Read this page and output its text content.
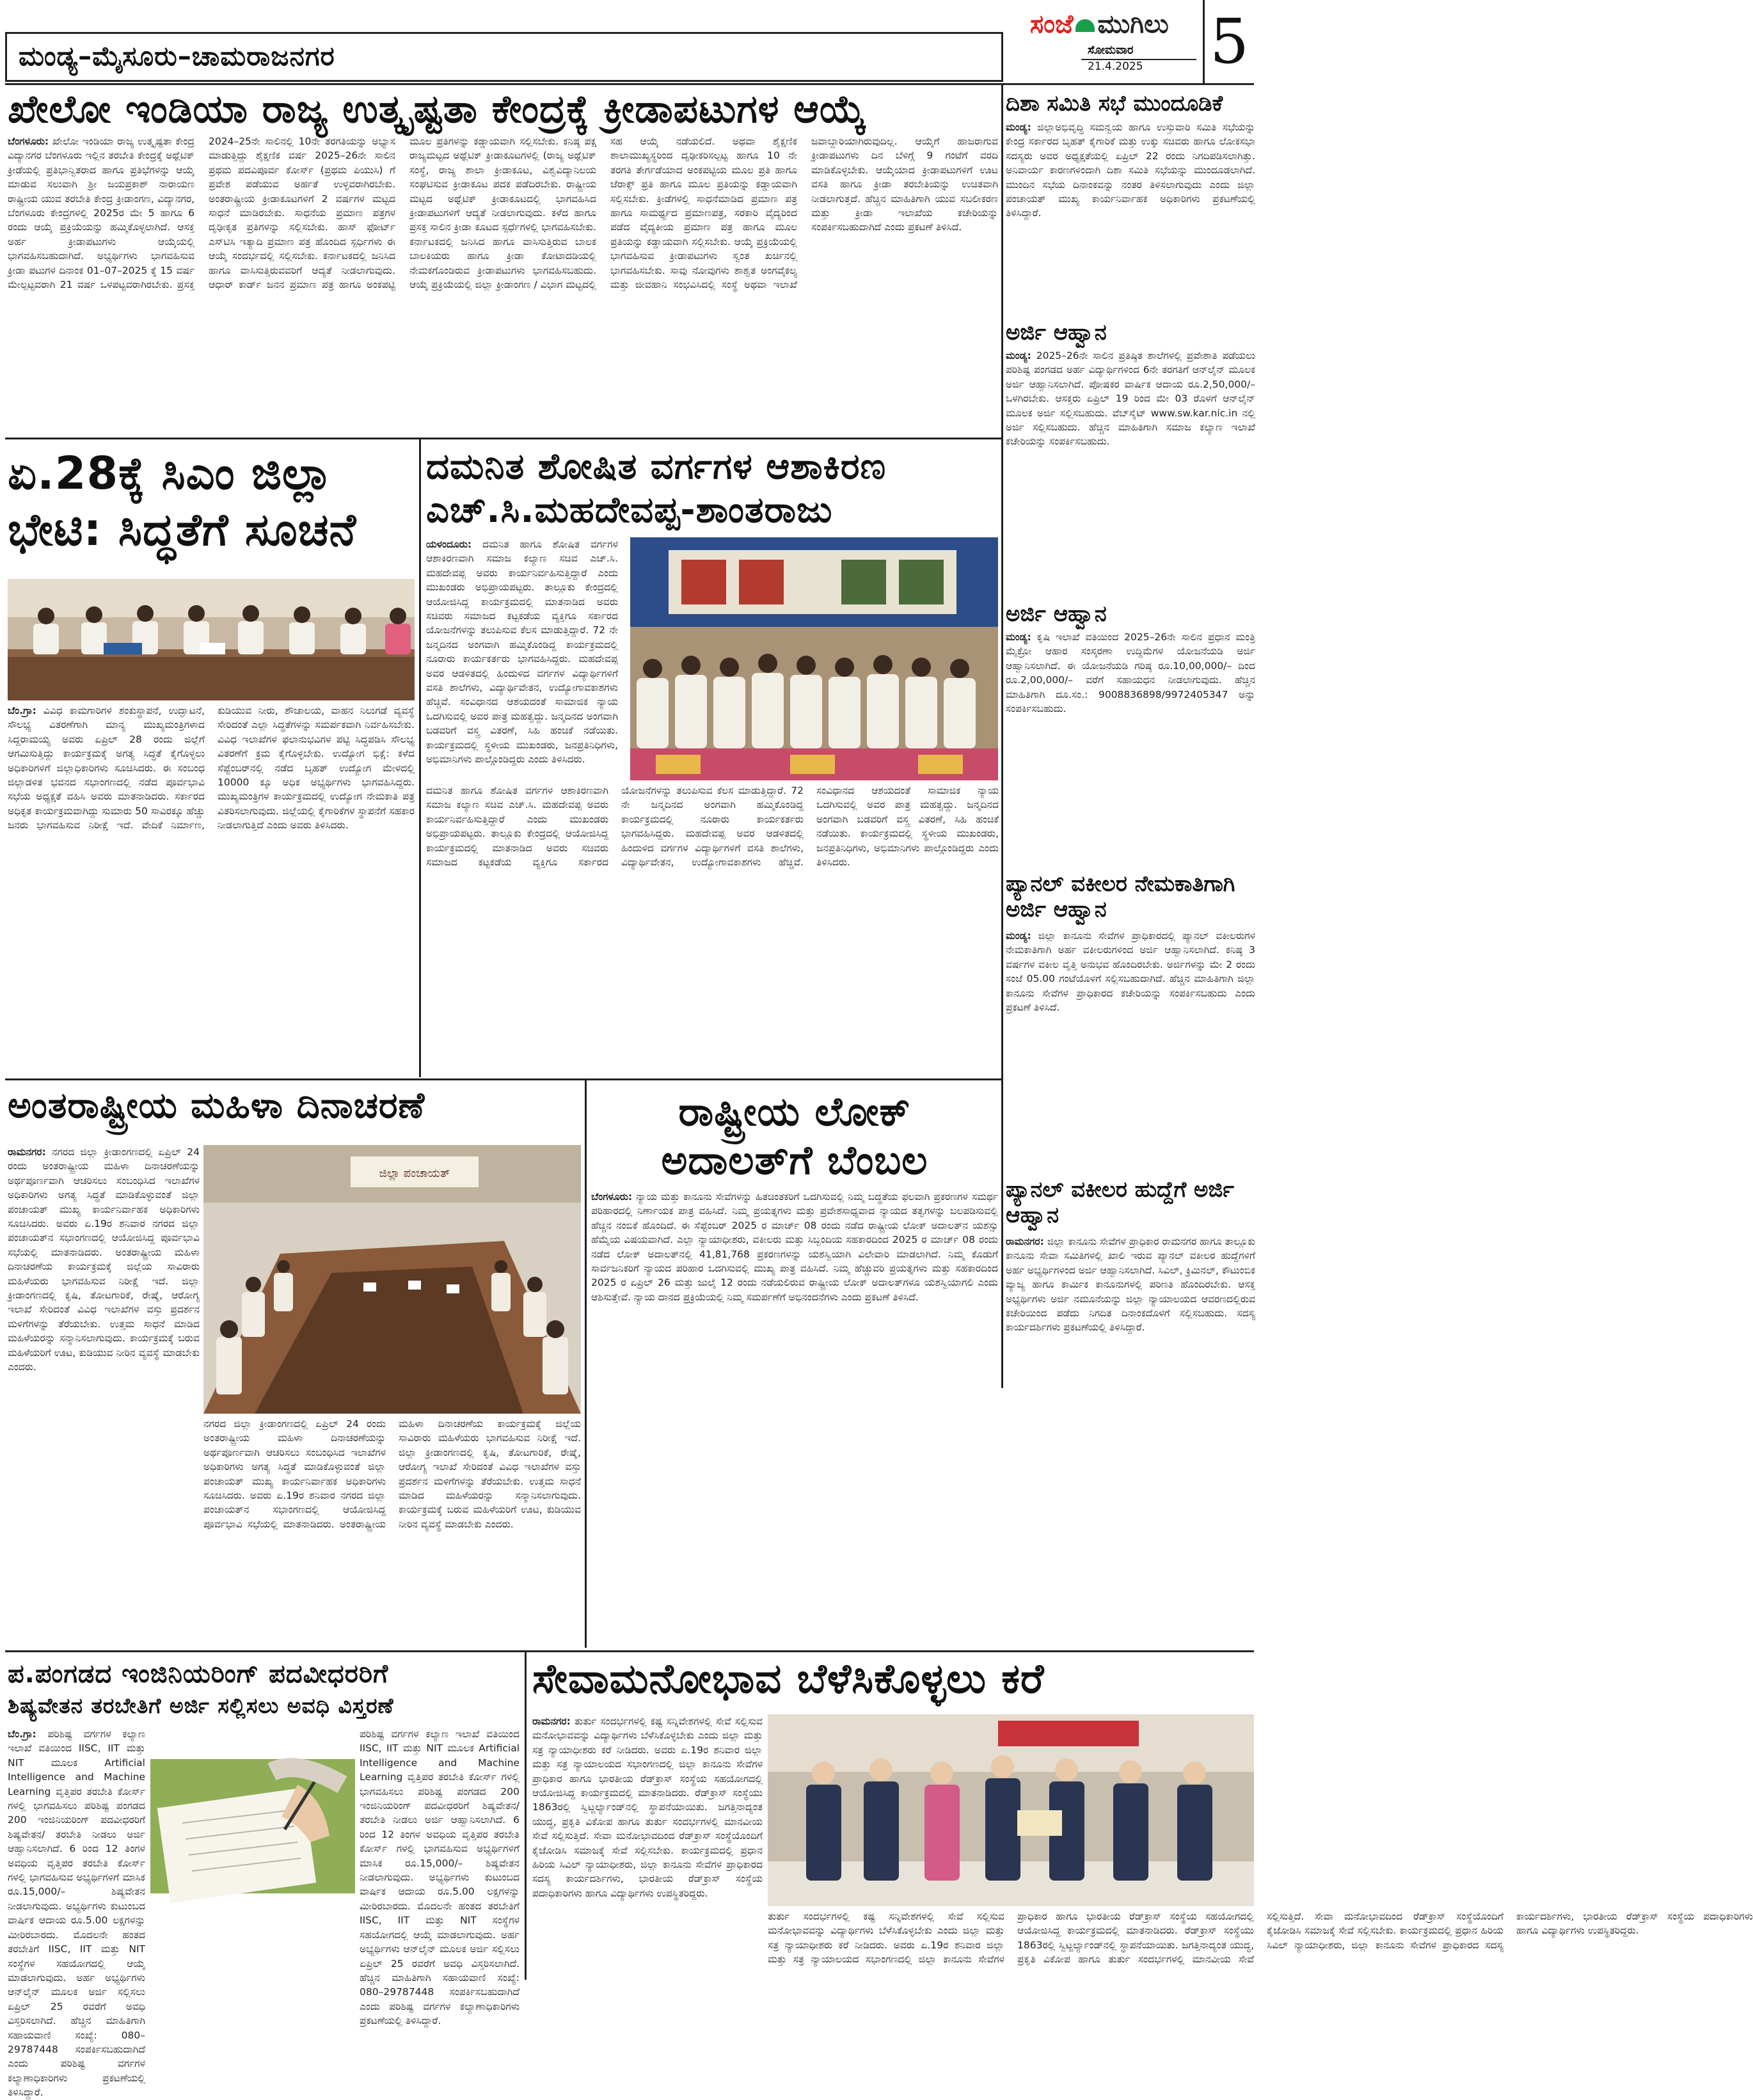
ಮಂಡ್ಯ–ಮೈಸೂರು–ಚಾಮರಾಜನಗರ
ಸಂಜೆ ಮುಗಿಲು
ಸೋಮವಾರ
21.4.2025 5
ಖೇಲೋ ಇಂಡಿಯಾ ರಾಜ್ಯ ಉತ್ಕೃಷ್ಟತಾ ಕೇಂದ್ರಕ್ಕೆ ಕ್ರೀಡಾಪಟುಗಳ ಆಯ್ಕೆ
ಬೆಂಗಳೂರು: ಖೇಲೋ ಇಂಡಿಯಾ ರಾಜ್ಯ ಉತ್ಕೃಷ್ಟತಾ ಕೇಂದ್ರ ವಿದ್ಯಾನಗರ ಬೆಂಗಳೂರು ಇಲ್ಲಿನ ತರಬೇತಿ ಕೇಂದ್ರಕ್ಕೆ ಅಥ್ಲೆಟಿಕ್ ಕ್ರೀಡೆಯಲ್ಲಿ ಪ್ರತಿಭಾನ್ವಿತರಾದ ಹಾಗೂ ಪ್ರತಿಭೆಗಳನ್ನು ಆಯ್ಕೆ ಮಾಡುವ ಸಲುವಾಗಿ ಶ್ರೀ ಜಯಪ್ರಕಾಶ್ ನಾರಾಯಣ ರಾಷ್ಟ್ರೀಯ ಯುವ ತರಬೇತಿ ಕೇಂದ್ರ ಕ್ರೀಡಾಂಗಣ, ವಿದ್ಯಾನಗರ, ಬೆಂಗಳೂರು ಕೇಂದ್ರಗಳಲ್ಲಿ 2025ರ ಮೇ 5 ಹಾಗೂ 6 ರಂದು ಆಯ್ಕೆ ಪ್ರಕ್ರಿಯೆಯನ್ನು ಹಮ್ಮಿಕೊಳ್ಳಲಾಗಿದೆ. ಆಸಕ್ತ ಅರ್ಹ ಕ್ರೀಡಾಪಟುಗಳು ಆಯ್ಕೆಯಲ್ಲಿ ಭಾಗವಹಿಸಬಹುದಾಗಿದೆ. ಅಭ್ಯರ್ಥಿಗಳು ಭಾಗವಹಿಸುವ ಕ್ರೀಡಾ ಪಟುಗಳ ದಿನಾಂಕ 01–07–2025 ಕ್ಕೆ 15 ವರ್ಷ ಮೇಲ್ಪಟ್ಟವರಾಗಿ 21 ವರ್ಷ ಒಳಪಟ್ಟವರಾಗಿರಬೇಕು. ಪ್ರಸಕ್ತ 2024–25ನೇ ಸಾಲಿನಲ್ಲಿ 10ನೇ ತರಗತಿಯನ್ನು ಅಭ್ಯಾಸ ಮಾಡುತ್ತಿದ್ದು ಶೈಕ್ಷಣಿಕ ವರ್ಷ 2025–26ನೇ ಸಾಲಿನ ಪ್ರಥಮ ಪದವಿಪೂರ್ವ ಕೋರ್ಸ್ (ಪ್ರಥಮ ಪಿಯುಸಿ) ಗೆ ಪ್ರವೇಶ ಪಡೆಯುವ ಅರ್ಹತೆ ಉಳ್ಳವರಾಗಿರಬೇಕು. ಅಂತರಾಷ್ಟ್ರೀಯ ಕ್ರೀಡಾಕೂಟಗಳಿಗೆ 2 ವರ್ಷಗಳ ಮಟ್ಟದ ಸಾಧನೆ ಮಾಡಿರಬೇಕು. ಸಾಧನೆಯ ಪ್ರಮಾಣ ಪತ್ರಗಳ ದೃಢೀಕೃತ ಪ್ರತಿಗಳನ್ನು ಸಲ್ಲಿಸಬೇಕು. ಹಾಸ್ ಫೋರ್ಟ್ ಎಸ್‌ಟಿಸಿ ಇತ್ಯಾದಿ ಪ್ರಮಾಣ ಪತ್ರ ಹೊಂದಿದ ಸ್ಪರ್ಧಿಗಳು ಈ ಆಯ್ಕೆ ಸಂದರ್ಭದಲ್ಲಿ ಸಲ್ಲಿಸಬೇಕು. ಕರ್ನಾಟಕದಲ್ಲಿ ಜನಿಸಿದ ಹಾಗೂ ವಾಸಿಸುತ್ತಿರುವವರಿಗೆ ಆದ್ಯತೆ ನೀಡಲಾಗುವುದು. ಆಧಾರ್ ಕಾರ್ಡ್ ಜನನ ಪ್ರಮಾಣ ಪತ್ರ ಹಾಗೂ ಅಂಕಪಟ್ಟಿ ಮೂಲ ಪ್ರತಿಗಳನ್ನು ಕಡ್ಡಾಯವಾಗಿ ಸಲ್ಲಿಸಬೇಕು. ಕನಿಷ್ಠ ಪಕ್ಷ ರಾಜ್ಯಮಟ್ಟದ ಅಥ್ಲೆಟಿಕ್ ಕ್ರೀಡಾಕೂಟಗಳಲ್ಲಿ (ರಾಜ್ಯ ಅಥ್ಲೆಟಿಕ್ ಸಂಸ್ಥೆ, ರಾಜ್ಯ ಶಾಲಾ ಕ್ರೀಡಾಕೂಟ, ವಿಶ್ವವಿದ್ಯಾನಿಲಯ ಸಂಘಟಿಸುವ ಕ್ರೀಡಾಕೂಟ ಪದಕ ಪಡೆದಿರಬೇಕು. ರಾಷ್ಟ್ರೀಯ ಮಟ್ಟದ ಅಥ್ಲೆಟಿಕ್ ಕ್ರೀಡಾಕೂಟದಲ್ಲಿ ಭಾಗವಹಿಸಿದ ಕ್ರೀಡಾಪಟುಗಳಿಗೆ ಆದ್ಯತೆ ನೀಡಲಾಗುವುದು. ಕಳೆದ ಹಾಗೂ ಪ್ರಸಕ್ತ ಸಾಲಿನ ಕ್ರೀಡಾ ಕೂಟದ ಸ್ಪರ್ಧೆಗಳಲ್ಲಿ ಭಾಗವಹಿಸಬೇಕು. ಕರ್ನಾಟಕದಲ್ಲಿ ಜನಿಸಿದ ಹಾಗೂ ವಾಸಿಸುತ್ತಿರುವ ಬಾಲಕ ಬಾಲಕಿಯರು ಹಾಗೂ ಕ್ರೀಡಾ ಕೋಟಾದಡಿಯಲ್ಲಿ ನೇಮಕಗೊಂಡಿರುವ ಕ್ರೀಡಾಪಟುಗಳು ಭಾಗವಹಿಸಬಹುದು. ಆಯ್ಕೆ ಪ್ರಕ್ರಿಯೆಯಲ್ಲಿ ಜಿಲ್ಲಾ ಕ್ರೀಡಾಂಗಣ / ವಿಭಾಗ ಮಟ್ಟದಲ್ಲಿ ಸಹ ಆಯ್ಕೆ ನಡೆಯಲಿದೆ. ಅಥವಾ ಶೈಕ್ಷಣಿಕ ಶಾಲಾಮುಖ್ಯಸ್ಥರಿಂದ ದೃಢೀಕರಿಸಲ್ಪಟ್ಟ ಹಾಗೂ 10 ನೇ ತರಗತಿ ತೇರ್ಗಡೆಯಾದ ಅಂಕಪಟ್ಟಿಯ ಮೂಲ ಪ್ರತಿ ಹಾಗೂ ಜೆರಾಕ್ಸ್ ಪ್ರತಿ ಹಾಗೂ ಮೂಲ ಪ್ರತಿಯನ್ನು ಕಡ್ಡಾಯವಾಗಿ ಸಲ್ಲಿಸಬೇಕು. ಕ್ರೀಡೆಗಳಲ್ಲಿ ಸಾಧನೆಮಾಡಿದ ಪ್ರಮಾಣ ಪತ್ರ ಹಾಗೂ ಸಾಮರ್ಥ್ಯದ ಪ್ರಮಾಣಪತ್ರ, ಸರಕಾರಿ ವೈದ್ಯರಿಂದ ಪಡೆದ ವೈದ್ಯಕೀಯ ಪ್ರಮಾಣ ಪತ್ರ ಹಾಗೂ ಮೂಲ ಪ್ರತಿಯನ್ನು ಕಡ್ಡಾಯವಾಗಿ ಸಲ್ಲಿಸಬೇಕು. ಆಯ್ಕೆ ಪ್ರಕ್ರಿಯೆಯಲ್ಲಿ ಭಾಗವಹಿಸುವ ಕ್ರೀಡಾಪಟುಗಳು ಸ್ವಂತ ಖರ್ಚಿನಲ್ಲಿ ಭಾಗವಹಿಸಬೇಕು. ಸಾವು ನೋವುಗಳು ಶಾಶ್ವತ ಅಂಗವೈಕಲ್ಯ ಮತ್ತು ಜೀವಹಾನಿ ಸಂಭವಿಸಿದಲ್ಲಿ ಸಂಸ್ಥೆ ಅಥವಾ ಇಲಾಖೆ ಜವಾಬ್ದಾರಿಯಾಗಿರುವುದಿಲ್ಲ. ಆಯ್ಕೆಗೆ ಹಾಜರಾಗುವ ಕ್ರೀಡಾಪಟುಗಳು ದಿನ ಬೆಳಿಗ್ಗೆ 9 ಗಂಟೆಗೆ ವರದಿ ಮಾಡಿಕೊಳ್ಳಬೇಕು. ಆಯ್ಕೆಯಾದ ಕ್ರೀಡಾಪಟುಗಳಿಗೆ ಊಟ ವಸತಿ ಹಾಗೂ ಕ್ರೀಡಾ ತರಬೇತಿಯನ್ನು ಉಚಿತವಾಗಿ ನೀಡಲಾಗುತ್ತದೆ. ಹೆಚ್ಚಿನ ಮಾಹಿತಿಗಾಗಿ ಯುವ ಸಬಲೀಕರಣ ಮತ್ತು ಕ್ರೀಡಾ ಇಲಾಖೆಯ ಕಚೇರಿಯನ್ನು ಸಂಪರ್ಕಿಸಬಹುದಾಗಿದೆ ಎಂದು ಪ್ರಕಟಣೆ ತಿಳಿಸಿದೆ.
ದಿಶಾ ಸಮಿತಿ ಸಭೆ ಮುಂದೂಡಿಕೆ
ಮಂಡ್ಯ: ಜಿಲ್ಲಾಅಭಿವೃದ್ಧಿ ಸಮನ್ವಯ ಹಾಗೂ ಉಸ್ತುವಾರಿ ಸಮಿತಿ ಸಭೆಯನ್ನು ಕೇಂದ್ರ ಸರ್ಕಾರದ ಬೃಹತ್ ಕೈಗಾರಿಕೆ ಮತ್ತು ಉಕ್ಕು ಸಚಿವರು ಹಾಗೂ ಲೋಕಸಭಾ ಸದಸ್ಯರು ಅವರ ಅಧ್ಯಕ್ಷತೆಯಲ್ಲಿ ಏಪ್ರಿಲ್ 22 ರಂದು ನಿಗದಿಪಡಿಸಲಾಗಿತ್ತು. ಅನಿವಾರ್ಯ ಕಾರಣಗಳಿಂದಾಗಿ ದಿಶಾ ಸಮಿತಿ ಸಭೆಯನ್ನು ಮುಂದೂಡಲಾಗಿದೆ. ಮುಂದಿನ ಸಭೆಯ ದಿನಾಂಕವನ್ನು ನಂತರ ತಿಳಿಸಲಾಗುವುದು ಎಂದು ಜಿಲ್ಲಾ ಪಂಚಾಯತ್ ಮುಖ್ಯ ಕಾರ್ಯನಿರ್ವಾಹಕ ಅಧಿಕಾರಿಗಳು ಪ್ರಕಟಣೆಯಲ್ಲಿ ತಿಳಿಸಿದ್ದಾರೆ.
ಅರ್ಜಿ ಆಹ್ವಾನ
ಮಂಡ್ಯ: 2025–26ನೇ ಸಾಲಿನ ಪ್ರತಿಷ್ಠಿತ ಶಾಲೆಗಳಲ್ಲಿ ಪ್ರವೇಶಾತಿ ಪಡೆಯಲು ಪರಿಶಿಷ್ಟ ಪಂಗಡದ ಅರ್ಹ ವಿದ್ಯಾರ್ಥಿಗಳಿಂದ 6ನೇ ತರಗತಿಗೆ ಆನ್‌ಲೈನ್ ಮೂಲಕ ಅರ್ಜಿ ಆಹ್ವಾನಿಸಲಾಗಿದೆ. ಪೋಷಕರ ವಾರ್ಷಿಕ ಆದಾಯ ರೂ.2,50,000/– ಒಳಗಿರಬೇಕು. ಆಸಕ್ತರು ಏಪ್ರಿಲ್ 19 ರಿಂದ ಮೇ 03 ರೊಳಗೆ ಆನ್‌ಲೈನ್ ಮೂಲಕ ಅರ್ಜಿ ಸಲ್ಲಿಸಬಹುದು. ವೆಬ್‌ಸೈಟ್ www.sw.kar.nic.in ನಲ್ಲಿ ಅರ್ಜಿ ಸಲ್ಲಿಸಬಹುದು. ಹೆಚ್ಚಿನ ಮಾಹಿತಿಗಾಗಿ ಸಮಾಜ ಕಲ್ಯಾಣ ಇಲಾಖೆ ಕಚೇರಿಯನ್ನು ಸಂಪರ್ಕಿಸಬಹುದು.
ಅರ್ಜಿ ಆಹ್ವಾನ
ಮಂಡ್ಯ: ಕೃಷಿ ಇಲಾಖೆ ವತಿಯಿಂದ 2025–26ನೇ ಸಾಲಿನ ಪ್ರಧಾನ ಮಂತ್ರಿ ಮೈಕ್ರೋ ಆಹಾರ ಸಂಸ್ಕರಣಾ ಉದ್ದಿಮೆಗಳ ಯೋಜನೆಯಡಿ ಅರ್ಜಿ ಆಹ್ವಾನಿಸಲಾಗಿದೆ. ಈ ಯೋಜನೆಯಡಿ ಗರಿಷ್ಠ ರೂ.10,00,000/– ದಿಂದ ರೂ.2,00,000/– ವರೆಗೆ ಸಹಾಯಧನ ನೀಡಲಾಗುವುದು. ಹೆಚ್ಚಿನ ಮಾಹಿತಿಗಾಗಿ ದೂ.ಸಂ.: 9008836898/9972405347 ಅನ್ನು ಸಂಪರ್ಕಿಸಬಹುದು.
ಪ್ಯಾನಲ್ ವಕೀಲರ ನೇಮಕಾತಿಗಾಗಿ ಅರ್ಜಿ ಆಹ್ವಾನ
ಮಂಡ್ಯ: ಜಿಲ್ಲಾ ಕಾನೂನು ಸೇವೆಗಳ ಪ್ರಾಧಿಕಾರದಲ್ಲಿ ಪ್ಯಾನಲ್ ವಕೀಲರುಗಳ ನೇಮಕಾತಿಗಾಗಿ ಅರ್ಹ ವಕೀಲರುಗಳಿಂದ ಅರ್ಜಿ ಆಹ್ವಾನಿಸಲಾಗಿದೆ. ಕನಿಷ್ಠ 3 ವರ್ಷಗಳ ವಕೀಲ ವೃತ್ತಿ ಅನುಭವ ಹೊಂದಿರಬೇಕು. ಅರ್ಜಿಗಳನ್ನು ಮೇ 2 ರಂದು ಸಂಜೆ 05.00 ಗಂಟೆಯೊಳಗೆ ಸಲ್ಲಿಸಬಹುದಾಗಿದೆ. ಹೆಚ್ಚಿನ ಮಾಹಿತಿಗಾಗಿ ಜಿಲ್ಲಾ ಕಾನೂನು ಸೇವೆಗಳ ಪ್ರಾಧಿಕಾರದ ಕಚೇರಿಯನ್ನು ಸಂಪರ್ಕಿಸಬಹುದು ಎಂದು ಪ್ರಕಟಣೆ ತಿಳಿಸಿದೆ.
ಪ್ಯಾನಲ್ ವಕೀಲರ ಹುದ್ದೆಗೆ ಅರ್ಜಿ ಆಹ್ವಾನ
ರಾಮನಗರ: ಜಿಲ್ಲಾ ಕಾನೂನು ಸೇವೆಗಳ ಪ್ರಾಧಿಕಾರ ರಾಮನಗರ ಹಾಗೂ ತಾಲ್ಲೂಕು ಕಾನೂನು ಸೇವಾ ಸಮಿತಿಗಳಲ್ಲಿ ಖಾಲಿ ಇರುವ ಪ್ಯಾನಲ್ ವಕೀಲರ ಹುದ್ದೆಗಳಿಗೆ ಅರ್ಹ ಅಭ್ಯರ್ಥಿಗಳಿಂದ ಅರ್ಜಿ ಆಹ್ವಾನಿಸಲಾಗಿದೆ. ಸಿವಿಲ್, ಕ್ರಿಮಿನಲ್, ಕೌಟುಂಬಿಕ ವ್ಯಾಜ್ಯ ಹಾಗೂ ಕಾರ್ಮಿಕ ಕಾನೂನುಗಳಲ್ಲಿ ಪರಿಣತಿ ಹೊಂದಿರಬೇಕು. ಆಸಕ್ತ ಅಭ್ಯರ್ಥಿಗಳು ಅರ್ಜಿ ನಮೂನೆಯನ್ನು ಜಿಲ್ಲಾ ನ್ಯಾಯಾಲಯದ ಆವರಣದಲ್ಲಿರುವ ಕಚೇರಿಯಿಂದ ಪಡೆದು ನಿಗದಿತ ದಿನಾಂಕದೊಳಗೆ ಸಲ್ಲಿಸಬಹುದು. ಸದಸ್ಯ ಕಾರ್ಯದರ್ಶಿಗಳು ಪ್ರಕಟಣೆಯಲ್ಲಿ ತಿಳಿಸಿದ್ದಾರೆ.
ಏ.28ಕ್ಕೆ ಸಿಎಂ ಜಿಲ್ಲಾ
ಭೇಟಿ: ಸಿದ್ಧತೆಗೆ ಸೂಚನೆ
ಬೆಂ.ಗ್ರಾ: ವಿವಿಧ ಕಾಮಗಾರಿಗಳ ಶಂಕುಸ್ಥಾಪನೆ, ಉದ್ಘಾಟನೆ, ಸೌಲಭ್ಯ ವಿತರಣೆಗಾಗಿ ಮಾನ್ಯ ಮುಖ್ಯಮಂತ್ರಿಗಳಾದ ಸಿದ್ದರಾಮಯ್ಯ ಅವರು ಏಪ್ರಿಲ್ 28 ರಂದು ಜಿಲ್ಲೆಗೆ ಆಗಮಿಸುತ್ತಿದ್ದು ಕಾರ್ಯಕ್ರಮಕ್ಕೆ ಅಗತ್ಯ ಸಿದ್ಧತೆ ಕೈಗೊಳ್ಳಲು ಅಧಿಕಾರಿಗಳಿಗೆ ಜಿಲ್ಲಾಧಿಕಾರಿಗಳು ಸೂಚಿಸಿದರು. ಈ ಸಂಬಂಧ ಜಿಲ್ಲಾಡಳಿತ ಭವನದ ಸಭಾಂಗಣದಲ್ಲಿ ನಡೆದ ಪೂರ್ವಭಾವಿ ಸಭೆಯ ಅಧ್ಯಕ್ಷತೆ ವಹಿಸಿ ಅವರು ಮಾತನಾಡಿದರು. ಸರ್ಕಾರದ ಅಧಿಕೃತ ಕಾರ್ಯಕ್ರಮವಾಗಿದ್ದು ಸುಮಾರು 50 ಸಾವಿರಕ್ಕೂ ಹೆಚ್ಚು ಜನರು ಭಾಗವಹಿಸುವ ನಿರೀಕ್ಷೆ ಇದೆ. ವೇದಿಕೆ ನಿರ್ಮಾಣ, ಕುಡಿಯುವ ನೀರು, ಶೌಚಾಲಯ, ವಾಹನ ನಿಲುಗಡೆ ವ್ಯವಸ್ಥೆ ಸೇರಿದಂತೆ ಎಲ್ಲಾ ಸಿದ್ಧತೆಗಳನ್ನು ಸಮರ್ಪಕವಾಗಿ ನಿರ್ವಹಿಸಬೇಕು. ವಿವಿಧ ಇಲಾಖೆಗಳ ಫಲಾನುಭವಿಗಳ ಪಟ್ಟಿ ಸಿದ್ಧಪಡಿಸಿ ಸೌಲಭ್ಯ ವಿತರಣೆಗೆ ಕ್ರಮ ಕೈಗೊಳ್ಳಬೇಕು. ಉದ್ಯೋಗ ಭಿಕ್ಷೆ: ಕಳೆದ ಸೆಪ್ಟೆಂಬರ್‌ನಲ್ಲಿ ನಡೆದ ಬೃಹತ್ ಉದ್ಯೋಗ ಮೇಳದಲ್ಲಿ 10000 ಕ್ಕೂ ಅಧಿಕ ಅಭ್ಯರ್ಥಿಗಳು ಭಾಗವಹಿಸಿದ್ದರು. ಮುಖ್ಯಮಂತ್ರಿಗಳ ಕಾರ್ಯಕ್ರಮದಲ್ಲಿ ಉದ್ಯೋಗ ನೇಮಕಾತಿ ಪತ್ರ ವಿತರಿಸಲಾಗುವುದು. ಜಿಲ್ಲೆಯಲ್ಲಿ ಕೈಗಾರಿಕೆಗಳ ಸ್ಥಾಪನೆಗೆ ಸಹಕಾರ ನೀಡಲಾಗುತ್ತಿದೆ ಎಂದು ಅವರು ತಿಳಿಸಿದರು.
ದಮನಿತ ಶೋಷಿತ ವರ್ಗಗಳ ಆಶಾಕಿರಣ
ಎಚ್.ಸಿ.ಮಹದೇವಪ್ಪ-ಶಾಂತರಾಜು
ಯಳಂದೂರು: ದಮನಿತ ಹಾಗೂ ಶೋಷಿತ ವರ್ಗಗಳ ಆಶಾಕಿರಣವಾಗಿ ಸಮಾಜ ಕಲ್ಯಾಣ ಸಚಿವ ಎಚ್.ಸಿ. ಮಹದೇವಪ್ಪ ಅವರು ಕಾರ್ಯನಿರ್ವಹಿಸುತ್ತಿದ್ದಾರೆ ಎಂದು ಮುಖಂಡರು ಅಭಿಪ್ರಾಯಪಟ್ಟರು. ತಾಲ್ಲೂಕು ಕೇಂದ್ರದಲ್ಲಿ ಆಯೋಜಿಸಿದ್ದ ಕಾರ್ಯಕ್ರಮದಲ್ಲಿ ಮಾತನಾಡಿದ ಅವರು ಸಚಿವರು ಸಮಾಜದ ಕಟ್ಟಕಡೆಯ ವ್ಯಕ್ತಿಗೂ ಸರ್ಕಾರದ ಯೋಜನೆಗಳನ್ನು ತಲುಪಿಸುವ ಕೆಲಸ ಮಾಡುತ್ತಿದ್ದಾರೆ. 72 ನೇ ಜನ್ಮದಿನದ ಅಂಗವಾಗಿ ಹಮ್ಮಿಕೊಂಡಿದ್ದ ಕಾರ್ಯಕ್ರಮದಲ್ಲಿ ನೂರಾರು ಕಾರ್ಯಕರ್ತರು ಭಾಗವಹಿಸಿದ್ದರು. ಮಹದೇವಪ್ಪ ಅವರ ಆಡಳಿತದಲ್ಲಿ ಹಿಂದುಳಿದ ವರ್ಗಗಳ ವಿದ್ಯಾರ್ಥಿಗಳಿಗೆ ವಸತಿ ಶಾಲೆಗಳು, ವಿದ್ಯಾರ್ಥಿವೇತನ, ಉದ್ಯೋಗಾವಕಾಶಗಳು ಹೆಚ್ಚಿವೆ. ಸಂವಿಧಾನದ ಆಶಯದಂತೆ ಸಾಮಾಜಿಕ ನ್ಯಾಯ ಒದಗಿಸುವಲ್ಲಿ ಅವರ ಪಾತ್ರ ಮಹತ್ವದ್ದು. ಜನ್ಮದಿನದ ಅಂಗವಾಗಿ ಬಡವರಿಗೆ ವಸ್ತ್ರ ವಿತರಣೆ, ಸಿಹಿ ಹಂಚಿಕೆ ನಡೆಯಿತು. ಕಾರ್ಯಕ್ರಮದಲ್ಲಿ ಸ್ಥಳೀಯ ಮುಖಂಡರು, ಜನಪ್ರತಿನಿಧಿಗಳು, ಅಭಿಮಾನಿಗಳು ಪಾಲ್ಗೊಂಡಿದ್ದರು ಎಂದು ತಿಳಿಸಿದರು.
ದಮನಿತ ಹಾಗೂ ಶೋಷಿತ ವರ್ಗಗಳ ಆಶಾಕಿರಣವಾಗಿ ಸಮಾಜ ಕಲ್ಯಾಣ ಸಚಿವ ಎಚ್.ಸಿ. ಮಹದೇವಪ್ಪ ಅವರು ಕಾರ್ಯನಿರ್ವಹಿಸುತ್ತಿದ್ದಾರೆ ಎಂದು ಮುಖಂಡರು ಅಭಿಪ್ರಾಯಪಟ್ಟರು. ತಾಲ್ಲೂಕು ಕೇಂದ್ರದಲ್ಲಿ ಆಯೋಜಿಸಿದ್ದ ಕಾರ್ಯಕ್ರಮದಲ್ಲಿ ಮಾತನಾಡಿದ ಅವರು ಸಚಿವರು ಸಮಾಜದ ಕಟ್ಟಕಡೆಯ ವ್ಯಕ್ತಿಗೂ ಸರ್ಕಾರದ ಯೋಜನೆಗಳನ್ನು ತಲುಪಿಸುವ ಕೆಲಸ ಮಾಡುತ್ತಿದ್ದಾರೆ. 72 ನೇ ಜನ್ಮದಿನದ ಅಂಗವಾಗಿ ಹಮ್ಮಿಕೊಂಡಿದ್ದ ಕಾರ್ಯಕ್ರಮದಲ್ಲಿ ನೂರಾರು ಕಾರ್ಯಕರ್ತರು ಭಾಗವಹಿಸಿದ್ದರು. ಮಹದೇವಪ್ಪ ಅವರ ಆಡಳಿತದಲ್ಲಿ ಹಿಂದುಳಿದ ವರ್ಗಗಳ ವಿದ್ಯಾರ್ಥಿಗಳಿಗೆ ವಸತಿ ಶಾಲೆಗಳು, ವಿದ್ಯಾರ್ಥಿವೇತನ, ಉದ್ಯೋಗಾವಕಾಶಗಳು ಹೆಚ್ಚಿವೆ. ಸಂವಿಧಾನದ ಆಶಯದಂತೆ ಸಾಮಾಜಿಕ ನ್ಯಾಯ ಒದಗಿಸುವಲ್ಲಿ ಅವರ ಪಾತ್ರ ಮಹತ್ವದ್ದು. ಜನ್ಮದಿನದ ಅಂಗವಾಗಿ ಬಡವರಿಗೆ ವಸ್ತ್ರ ವಿತರಣೆ, ಸಿಹಿ ಹಂಚಿಕೆ ನಡೆಯಿತು. ಕಾರ್ಯಕ್ರಮದಲ್ಲಿ ಸ್ಥಳೀಯ ಮುಖಂಡರು, ಜನಪ್ರತಿನಿಧಿಗಳು, ಅಭಿಮಾನಿಗಳು ಪಾಲ್ಗೊಂಡಿದ್ದರು ಎಂದು ತಿಳಿಸಿದರು.
ಅಂತರಾಷ್ಟ್ರೀಯ ಮಹಿಳಾ ದಿನಾಚರಣೆ
ರಾಮನಗರ: ನಗರದ ಜಿಲ್ಲಾ ಕ್ರೀಡಾಂಗಣದಲ್ಲಿ ಏಪ್ರಿಲ್ 24 ರಂದು ಅಂತರಾಷ್ಟ್ರೀಯ ಮಹಿಳಾ ದಿನಾಚರಣೆಯನ್ನು ಅರ್ಥಪೂರ್ಣವಾಗಿ ಆಚರಿಸಲು ಸಂಬಂಧಿಸಿದ ಇಲಾಖೆಗಳ ಅಧಿಕಾರಿಗಳು ಅಗತ್ಯ ಸಿದ್ಧತೆ ಮಾಡಿಕೊಳ್ಳುವಂತೆ ಜಿಲ್ಲಾ ಪಂಚಾಯತ್ ಮುಖ್ಯ ಕಾರ್ಯನಿರ್ವಾಹಕ ಅಧಿಕಾರಿಗಳು ಸೂಚಿಸಿದರು. ಅವರು ಏ.19ರ ಶನಿವಾರ ನಗರದ ಜಿಲ್ಲಾ ಪಂಚಾಯತ್‌ನ ಸಭಾಂಗಣದಲ್ಲಿ ಆಯೋಜಿಸಿದ್ದ ಪೂರ್ವಭಾವಿ ಸಭೆಯಲ್ಲಿ ಮಾತನಾಡಿದರು. ಅಂತರಾಷ್ಟ್ರೀಯ ಮಹಿಳಾ ದಿನಾಚರಣೆಯ ಕಾರ್ಯಕ್ರಮಕ್ಕೆ ಜಿಲ್ಲೆಯ ಸಾವಿರಾರು ಮಹಿಳೆಯರು ಭಾಗವಹಿಸುವ ನಿರೀಕ್ಷೆ ಇದೆ. ಜಿಲ್ಲಾ ಕ್ರೀಡಾಂಗಣದಲ್ಲಿ ಕೃಷಿ, ತೋಟಗಾರಿಕೆ, ರೇಷ್ಮೆ, ಆರೋಗ್ಯ ಇಲಾಖೆ ಸೇರಿದಂತೆ ವಿವಿಧ ಇಲಾಖೆಗಳ ವಸ್ತು ಪ್ರದರ್ಶನ ಮಳಿಗೆಗಳನ್ನು ತೆರೆಯಬೇಕು. ಉತ್ತಮ ಸಾಧನೆ ಮಾಡಿದ ಮಹಿಳೆಯರನ್ನು ಸನ್ಮಾನಿಸಲಾಗುವುದು. ಕಾರ್ಯಕ್ರಮಕ್ಕೆ ಬರುವ ಮಹಿಳೆಯರಿಗೆ ಊಟ, ಕುಡಿಯುವ ನೀರಿನ ವ್ಯವಸ್ಥೆ ಮಾಡಬೇಕು ಎಂದರು.
ಜಿಲ್ಲಾ ಪಂಚಾಯತ್
ನಗರದ ಜಿಲ್ಲಾ ಕ್ರೀಡಾಂಗಣದಲ್ಲಿ ಏಪ್ರಿಲ್ 24 ರಂದು ಅಂತರಾಷ್ಟ್ರೀಯ ಮಹಿಳಾ ದಿನಾಚರಣೆಯನ್ನು ಅರ್ಥಪೂರ್ಣವಾಗಿ ಆಚರಿಸಲು ಸಂಬಂಧಿಸಿದ ಇಲಾಖೆಗಳ ಅಧಿಕಾರಿಗಳು ಅಗತ್ಯ ಸಿದ್ಧತೆ ಮಾಡಿಕೊಳ್ಳುವಂತೆ ಜಿಲ್ಲಾ ಪಂಚಾಯತ್ ಮುಖ್ಯ ಕಾರ್ಯನಿರ್ವಾಹಕ ಅಧಿಕಾರಿಗಳು ಸೂಚಿಸಿದರು. ಅವರು ಏ.19ರ ಶನಿವಾರ ನಗರದ ಜಿಲ್ಲಾ ಪಂಚಾಯತ್‌ನ ಸಭಾಂಗಣದಲ್ಲಿ ಆಯೋಜಿಸಿದ್ದ ಪೂರ್ವಭಾವಿ ಸಭೆಯಲ್ಲಿ ಮಾತನಾಡಿದರು. ಅಂತರಾಷ್ಟ್ರೀಯ ಮಹಿಳಾ ದಿನಾಚರಣೆಯ ಕಾರ್ಯಕ್ರಮಕ್ಕೆ ಜಿಲ್ಲೆಯ ಸಾವಿರಾರು ಮಹಿಳೆಯರು ಭಾಗವಹಿಸುವ ನಿರೀಕ್ಷೆ ಇದೆ. ಜಿಲ್ಲಾ ಕ್ರೀಡಾಂಗಣದಲ್ಲಿ ಕೃಷಿ, ತೋಟಗಾರಿಕೆ, ರೇಷ್ಮೆ, ಆರೋಗ್ಯ ಇಲಾಖೆ ಸೇರಿದಂತೆ ವಿವಿಧ ಇಲಾಖೆಗಳ ವಸ್ತು ಪ್ರದರ್ಶನ ಮಳಿಗೆಗಳನ್ನು ತೆರೆಯಬೇಕು. ಉತ್ತಮ ಸಾಧನೆ ಮಾಡಿದ ಮಹಿಳೆಯರನ್ನು ಸನ್ಮಾನಿಸಲಾಗುವುದು. ಕಾರ್ಯಕ್ರಮಕ್ಕೆ ಬರುವ ಮಹಿಳೆಯರಿಗೆ ಊಟ, ಕುಡಿಯುವ ನೀರಿನ ವ್ಯವಸ್ಥೆ ಮಾಡಬೇಕು ಎಂದರು.
ರಾಷ್ಟ್ರೀಯ ಲೋಕ್
ಅದಾಲತ್‌ಗೆ ಬೆಂಬಲ
ಬೆಂಗಳೂರು: ನ್ಯಾಯ ಮತ್ತು ಕಾನೂನು ಸೇವೆಗಳನ್ನು ಹಿತಚಿಂತಕರಿಗೆ ಒದಗಿಸುವಲ್ಲಿ ನಿಮ್ಮ ಬದ್ಧತೆಯ ಫಲವಾಗಿ ಪ್ರಕರಣಗಳ ಸಮರ್ಥ ಪರಿಹಾರದಲ್ಲಿ ನಿರ್ಣಾಯಕ ಪಾತ್ರ ವಹಿಸಿದೆ. ನಿಮ್ಮ ಪ್ರಯತ್ನಗಳು ಮತ್ತು ಪ್ರವೇಶಸಾಧ್ಯವಾದ ನ್ಯಾಯದ ತತ್ವಗಳನ್ನು ಬಲಪಡಿಸುವಲ್ಲಿ ಹೆಚ್ಚಿನ ನಂಬಿಕೆ ಹೊಂದಿದೆ. ಈ ಸೆಪ್ಟೆಂಬರ್ 2025 ರ ಮಾರ್ಚ್ 08 ರಂದು ನಡೆದ ರಾಷ್ಟ್ರೀಯ ಲೋಕ್ ಅದಾಲತ್‌ನ ಯಶಸ್ಸು ಹೆಮ್ಮೆಯ ವಿಷಯವಾಗಿದೆ. ಎಲ್ಲಾ ನ್ಯಾಯಾಧೀಶರು, ವಕೀಲರು ಮತ್ತು ಸಿಬ್ಬಂದಿಯ ಸಹಕಾರದಿಂದ 2025 ರ ಮಾರ್ಚ್ 08 ರಂದು ನಡೆದ ಲೋಕ್ ಅದಾಲತ್‌ನಲ್ಲಿ 41,81,768 ಪ್ರಕರಣಗಳನ್ನು ಯಶಸ್ವಿಯಾಗಿ ವಿಲೇವಾರಿ ಮಾಡಲಾಗಿದೆ. ನಿಮ್ಮ ಕೊಡುಗೆ ಸಾರ್ವಜನಿಕರಿಗೆ ನ್ಯಾಯದ ಪರಿಹಾರ ಒದಗಿಸುವಲ್ಲಿ ಮುಖ್ಯ ಪಾತ್ರ ವಹಿಸಿದೆ. ನಿಮ್ಮ ಹೆಚ್ಚುವರಿ ಪ್ರಯತ್ನಗಳು ಮತ್ತು ಸಹಕಾರದಿಂದ 2025 ರ ಏಪ್ರಿಲ್ 26 ಮತ್ತು ಜುಲೈ 12 ರಂದು ನಡೆಯಲಿರುವ ರಾಷ್ಟ್ರೀಯ ಲೋಕ್ ಅದಾಲತ್‌ಗಳೂ ಯಶಸ್ವಿಯಾಗಲಿ ಎಂದು ಆಶಿಸುತ್ತೇವೆ. ನ್ಯಾಯ ದಾನದ ಪ್ರಕ್ರಿಯೆಯಲ್ಲಿ ನಿಮ್ಮ ಸಮರ್ಪಣೆಗೆ ಅಭಿನಂದನೆಗಳು ಎಂದು ಪ್ರಕಟಣೆ ತಿಳಿಸಿದೆ.
ಪ.ಪಂಗಡದ ಇಂಜಿನಿಯರಿಂಗ್ ಪದವೀಧರರಿಗೆ
ಶಿಷ್ಯವೇತನ ತರಬೇತಿಗೆ ಅರ್ಜಿ ಸಲ್ಲಿಸಲು ಅವಧಿ ವಿಸ್ತರಣೆ
ಬೆಂ.ಗ್ರಾ: ಪರಿಶಿಷ್ಟ ವರ್ಗಗಳ ಕಲ್ಯಾಣ ಇಲಾಖೆ ವತಿಯಿಂದ IISC, IIT ಮತ್ತು NIT ಮೂಲಕ Artificial Intelligence and Machine Learning ವೃತ್ತಿಪರ ತರಬೇತಿ ಕೋರ್ಸ್ ಗಳಲ್ಲಿ ಭಾಗವಹಿಸಲು ಪರಿಶಿಷ್ಟ ಪಂಗಡದ 200 ಇಂಜಿನಿಯರಿಂಗ್ ಪದವೀಧರರಿಗೆ ಶಿಷ್ಯವೇತನ/ ತರಬೇತಿ ನೀಡಲು ಅರ್ಜಿ ಆಹ್ವಾನಿಸಲಾಗಿದೆ. 6 ರಿಂದ 12 ತಿಂಗಳ ಅವಧಿಯ ವೃತ್ತಿಪರ ತರಬೇತಿ ಕೋರ್ಸ್ ಗಳಲ್ಲಿ ಭಾಗವಹಿಸುವ ಅಭ್ಯರ್ಥಿಗಳಿಗೆ ಮಾಸಿಕ ರೂ.15,000/– ಶಿಷ್ಯವೇತನ ನೀಡಲಾಗುವುದು. ಅಭ್ಯರ್ಥಿಗಳು ಕುಟುಂಬದ ವಾರ್ಷಿಕ ಆದಾಯ ರೂ.5.00 ಲಕ್ಷಗಳನ್ನು ಮೀರಿರಬಾರದು. ಮೊದಲನೇ ಹಂತದ ತರಬೇತಿಗೆ IISC, IIT ಮತ್ತು NIT ಸಂಸ್ಥೆಗಳ ಸಹಯೋಗದಲ್ಲಿ ಆಯ್ಕೆ ಮಾಡಲಾಗುವುದು. ಅರ್ಹ ಅಭ್ಯರ್ಥಿಗಳು ಆನ್‌ಲೈನ್ ಮೂಲಕ ಅರ್ಜಿ ಸಲ್ಲಿಸಲು ಏಪ್ರಿಲ್ 25 ರವರೆಗೆ ಅವಧಿ ವಿಸ್ತರಿಸಲಾಗಿದೆ. ಹೆಚ್ಚಿನ ಮಾಹಿತಿಗಾಗಿ ಸಹಾಯವಾಣಿ ಸಂಖ್ಯೆ: 080–29787448 ಸಂಪರ್ಕಿಸಬಹುದಾಗಿದೆ ಎಂದು ಪರಿಶಿಷ್ಟ ವರ್ಗಗಳ ಕಲ್ಯಾಣಾಧಿಕಾರಿಗಳು ಪ್ರಕಟಣೆಯಲ್ಲಿ ತಿಳಿಸಿದ್ದಾರೆ.
ಪರಿಶಿಷ್ಟ ವರ್ಗಗಳ ಕಲ್ಯಾಣ ಇಲಾಖೆ ವತಿಯಿಂದ IISC, IIT ಮತ್ತು NIT ಮೂಲಕ Artificial Intelligence and Machine Learning ವೃತ್ತಿಪರ ತರಬೇತಿ ಕೋರ್ಸ್ ಗಳಲ್ಲಿ ಭಾಗವಹಿಸಲು ಪರಿಶಿಷ್ಟ ಪಂಗಡದ 200 ಇಂಜಿನಿಯರಿಂಗ್ ಪದವೀಧರರಿಗೆ ಶಿಷ್ಯವೇತನ/ ತರಬೇತಿ ನೀಡಲು ಅರ್ಜಿ ಆಹ್ವಾನಿಸಲಾಗಿದೆ. 6 ರಿಂದ 12 ತಿಂಗಳ ಅವಧಿಯ ವೃತ್ತಿಪರ ತರಬೇತಿ ಕೋರ್ಸ್ ಗಳಲ್ಲಿ ಭಾಗವಹಿಸುವ ಅಭ್ಯರ್ಥಿಗಳಿಗೆ ಮಾಸಿಕ ರೂ.15,000/– ಶಿಷ್ಯವೇತನ ನೀಡಲಾಗುವುದು. ಅಭ್ಯರ್ಥಿಗಳು ಕುಟುಂಬದ ವಾರ್ಷಿಕ ಆದಾಯ ರೂ.5.00 ಲಕ್ಷಗಳನ್ನು ಮೀರಿರಬಾರದು. ಮೊದಲನೇ ಹಂತದ ತರಬೇತಿಗೆ IISC, IIT ಮತ್ತು NIT ಸಂಸ್ಥೆಗಳ ಸಹಯೋಗದಲ್ಲಿ ಆಯ್ಕೆ ಮಾಡಲಾಗುವುದು. ಅರ್ಹ ಅಭ್ಯರ್ಥಿಗಳು ಆನ್‌ಲೈನ್ ಮೂಲಕ ಅರ್ಜಿ ಸಲ್ಲಿಸಲು ಏಪ್ರಿಲ್ 25 ರವರೆಗೆ ಅವಧಿ ವಿಸ್ತರಿಸಲಾಗಿದೆ. ಹೆಚ್ಚಿನ ಮಾಹಿತಿಗಾಗಿ ಸಹಾಯವಾಣಿ ಸಂಖ್ಯೆ: 080–29787448 ಸಂಪರ್ಕಿಸಬಹುದಾಗಿದೆ ಎಂದು ಪರಿಶಿಷ್ಟ ವರ್ಗಗಳ ಕಲ್ಯಾಣಾಧಿಕಾರಿಗಳು ಪ್ರಕಟಣೆಯಲ್ಲಿ ತಿಳಿಸಿದ್ದಾರೆ.
ಸೇವಾಮನೋಭಾವ ಬೆಳೆಸಿಕೊಳ್ಳಲು ಕರೆ
ರಾಮನಗರ: ತುರ್ತು ಸಂದರ್ಭಗಳಲ್ಲಿ ಕಷ್ಟ ಸನ್ನಿವೇಶಗಳಲ್ಲಿ ಸೇವೆ ಸಲ್ಲಿಸುವ ಮನೋಭಾವವನ್ನು ವಿದ್ಯಾರ್ಥಿಗಳು ಬೆಳೆಸಿಕೊಳ್ಳಬೇಕು ಎಂದು ಜಿಲ್ಲಾ ಮತ್ತು ಸತ್ರ ನ್ಯಾಯಾಧೀಶರು ಕರೆ ನೀಡಿದರು. ಅವರು ಏ.19ರ ಶನಿವಾರ ಜಿಲ್ಲಾ ಮತ್ತು ಸತ್ರ ನ್ಯಾಯಾಲಯದ ಸಭಾಂಗಣದಲ್ಲಿ ಜಿಲ್ಲಾ ಕಾನೂನು ಸೇವೆಗಳ ಪ್ರಾಧಿಕಾರ ಹಾಗೂ ಭಾರತೀಯ ರೆಡ್‌ಕ್ರಾಸ್ ಸಂಸ್ಥೆಯ ಸಹಯೋಗದಲ್ಲಿ ಆಯೋಜಿಸಿದ್ದ ಕಾರ್ಯಕ್ರಮದಲ್ಲಿ ಮಾತನಾಡಿದರು. ರೆಡ್‌ಕ್ರಾಸ್ ಸಂಸ್ಥೆಯು 1863ರಲ್ಲಿ ಸ್ವಿಟ್ಜರ್ಲ್ಯಾಂಡ್‌ನಲ್ಲಿ ಸ್ಥಾಪನೆಯಾಯಿತು. ಜಗತ್ತಿನಾದ್ಯಂತ ಯುದ್ಧ, ಪ್ರಕೃತಿ ವಿಕೋಪ ಹಾಗೂ ತುರ್ತು ಸಂದರ್ಭಗಳಲ್ಲಿ ಮಾನವೀಯ ಸೇವೆ ಸಲ್ಲಿಸುತ್ತಿದೆ. ಸೇವಾ ಮನೋಭಾವದಿಂದ ರೆಡ್‌ಕ್ರಾಸ್ ಸಂಸ್ಥೆಯೊಂದಿಗೆ ಕೈಜೋಡಿಸಿ ಸಮಾಜಕ್ಕೆ ಸೇವೆ ಸಲ್ಲಿಸಬೇಕು. ಕಾರ್ಯಕ್ರಮದಲ್ಲಿ ಪ್ರಧಾನ ಹಿರಿಯ ಸಿವಿಲ್ ನ್ಯಾಯಾಧೀಶರು, ಜಿಲ್ಲಾ ಕಾನೂನು ಸೇವೆಗಳ ಪ್ರಾಧಿಕಾರದ ಸದಸ್ಯ ಕಾರ್ಯದರ್ಶಿಗಳು, ಭಾರತೀಯ ರೆಡ್‌ಕ್ರಾಸ್ ಸಂಸ್ಥೆಯ ಪದಾಧಿಕಾರಿಗಳು ಹಾಗೂ ವಿದ್ಯಾರ್ಥಿಗಳು ಉಪಸ್ಥಿತರಿದ್ದರು.
ತುರ್ತು ಸಂದರ್ಭಗಳಲ್ಲಿ ಕಷ್ಟ ಸನ್ನಿವೇಶಗಳಲ್ಲಿ ಸೇವೆ ಸಲ್ಲಿಸುವ ಮನೋಭಾವವನ್ನು ವಿದ್ಯಾರ್ಥಿಗಳು ಬೆಳೆಸಿಕೊಳ್ಳಬೇಕು ಎಂದು ಜಿಲ್ಲಾ ಮತ್ತು ಸತ್ರ ನ್ಯಾಯಾಧೀಶರು ಕರೆ ನೀಡಿದರು. ಅವರು ಏ.19ರ ಶನಿವಾರ ಜಿಲ್ಲಾ ಮತ್ತು ಸತ್ರ ನ್ಯಾಯಾಲಯದ ಸಭಾಂಗಣದಲ್ಲಿ ಜಿಲ್ಲಾ ಕಾನೂನು ಸೇವೆಗಳ ಪ್ರಾಧಿಕಾರ ಹಾಗೂ ಭಾರತೀಯ ರೆಡ್‌ಕ್ರಾಸ್ ಸಂಸ್ಥೆಯ ಸಹಯೋಗದಲ್ಲಿ ಆಯೋಜಿಸಿದ್ದ ಕಾರ್ಯಕ್ರಮದಲ್ಲಿ ಮಾತನಾಡಿದರು. ರೆಡ್‌ಕ್ರಾಸ್ ಸಂಸ್ಥೆಯು 1863ರಲ್ಲಿ ಸ್ವಿಟ್ಜರ್ಲ್ಯಾಂಡ್‌ನಲ್ಲಿ ಸ್ಥಾಪನೆಯಾಯಿತು. ಜಗತ್ತಿನಾದ್ಯಂತ ಯುದ್ಧ, ಪ್ರಕೃತಿ ವಿಕೋಪ ಹಾಗೂ ತುರ್ತು ಸಂದರ್ಭಗಳಲ್ಲಿ ಮಾನವೀಯ ಸೇವೆ ಸಲ್ಲಿಸುತ್ತಿದೆ. ಸೇವಾ ಮನೋಭಾವದಿಂದ ರೆಡ್‌ಕ್ರಾಸ್ ಸಂಸ್ಥೆಯೊಂದಿಗೆ ಕೈಜೋಡಿಸಿ ಸಮಾಜಕ್ಕೆ ಸೇವೆ ಸಲ್ಲಿಸಬೇಕು. ಕಾರ್ಯಕ್ರಮದಲ್ಲಿ ಪ್ರಧಾನ ಹಿರಿಯ ಸಿವಿಲ್ ನ್ಯಾಯಾಧೀಶರು, ಜಿಲ್ಲಾ ಕಾನೂನು ಸೇವೆಗಳ ಪ್ರಾಧಿಕಾರದ ಸದಸ್ಯ ಕಾರ್ಯದರ್ಶಿಗಳು, ಭಾರತೀಯ ರೆಡ್‌ಕ್ರಾಸ್ ಸಂಸ್ಥೆಯ ಪದಾಧಿಕಾರಿಗಳು ಹಾಗೂ ವಿದ್ಯಾರ್ಥಿಗಳು ಉಪಸ್ಥಿತರಿದ್ದರು.
